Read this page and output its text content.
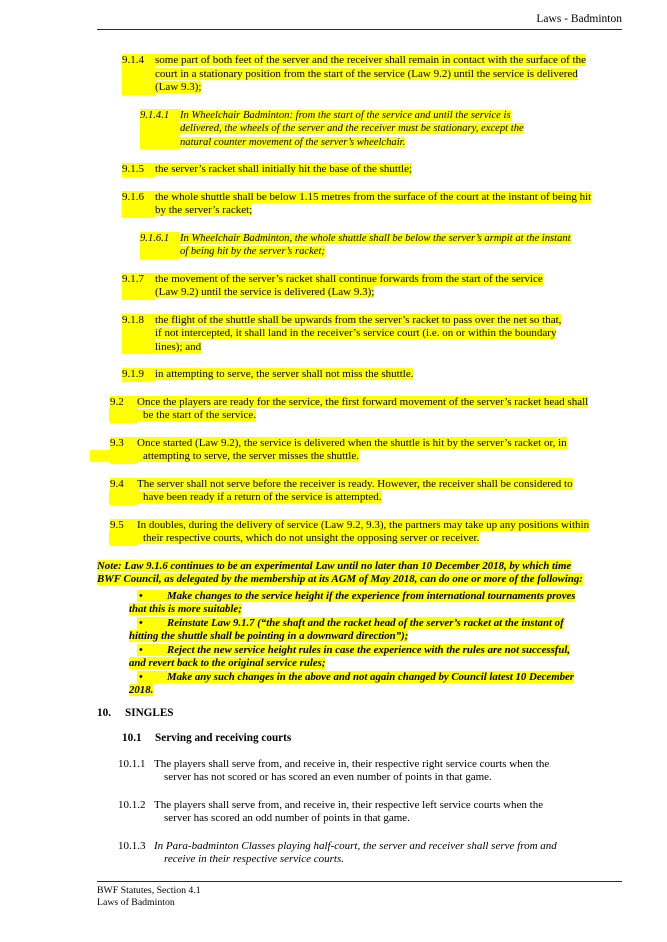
Laws - Badminton
9.1.4	some part of both feet of the server and the receiver shall remain in contact with the surface of the
court in a stationary position from the start of the service (Law 9.2) until the service is delivered
(Law 9.3);
9.1.4.1	In Wheelchair Badminton: from the start of the service and until the service is
delivered, the wheels of the server and the receiver must be stationary, except the
natural counter movement of the server’s wheelchair.
9.1.5	the server’s racket shall initially hit the base of the shuttle;
9.1.6	the whole shuttle shall be below 1.15 metres from the surface of the court at the instant of being hit
by the server’s racket;
9.1.6.1	In Wheelchair Badminton, the whole shuttle shall be below the server’s armpit at the instant
of being hit by the server’s racket;
9.1.7	the movement of the server’s racket shall continue forwards from the start of the service
(Law 9.2) until the service is delivered (Law 9.3);
9.1.8	the flight of the shuttle shall be upwards from the server’s racket to pass over the net so that,
if not intercepted, it shall land in the receiver’s service court (i.e. on or within the boundary
lines); and
9.1.9	in attempting to serve, the server shall not miss the shuttle.
9.2	Once the players are ready for the service, the first forward movement of the server’s racket head shall
be the start of the service.
9.3	Once started (Law 9.2), the service is delivered when the shuttle is hit by the server’s racket or, in
attempting to serve, the server misses the shuttle.
9.4	The server shall not serve before the receiver is ready. However, the receiver shall be considered to
have been ready if a return of the service is attempted.
9.5	In doubles, during the delivery of service (Law 9.2, 9.3), the partners may take up any positions within
their respective courts, which do not unsight the opposing server or receiver.
Note: Law 9.1.6 continues to be an experimental Law until no later than 10 December 2018, by which time
BWF Council, as delegated by the membership at its AGM of May 2018, can do one or more of the following:
• Make changes to the service height if the experience from international tournaments proves
that this is more suitable;
• Reinstate Law 9.1.7 (“the shaft and the racket head of the server’s racket at the instant of
hitting the shuttle shall be pointing in a downward direction”);
• Reject the new service height rules in case the experience with the rules are not successful,
and revert back to the original service rules;
• Make any such changes in the above and not again changed by Council latest 10 December
2018.
10.	SINGLES
10.1	Serving and receiving courts
10.1.1 The players shall serve from, and receive in, their respective right service courts when the
server has not scored or has scored an even number of points in that game.
10.1.2 The players shall serve from, and receive in, their respective left service courts when the
server has scored an odd number of points in that game.
10.1.3 In Para-badminton Classes playing half-court, the server and receiver shall serve from and
receive in their respective service courts.
BWF Statutes, Section 4.1
Laws of Badminton
